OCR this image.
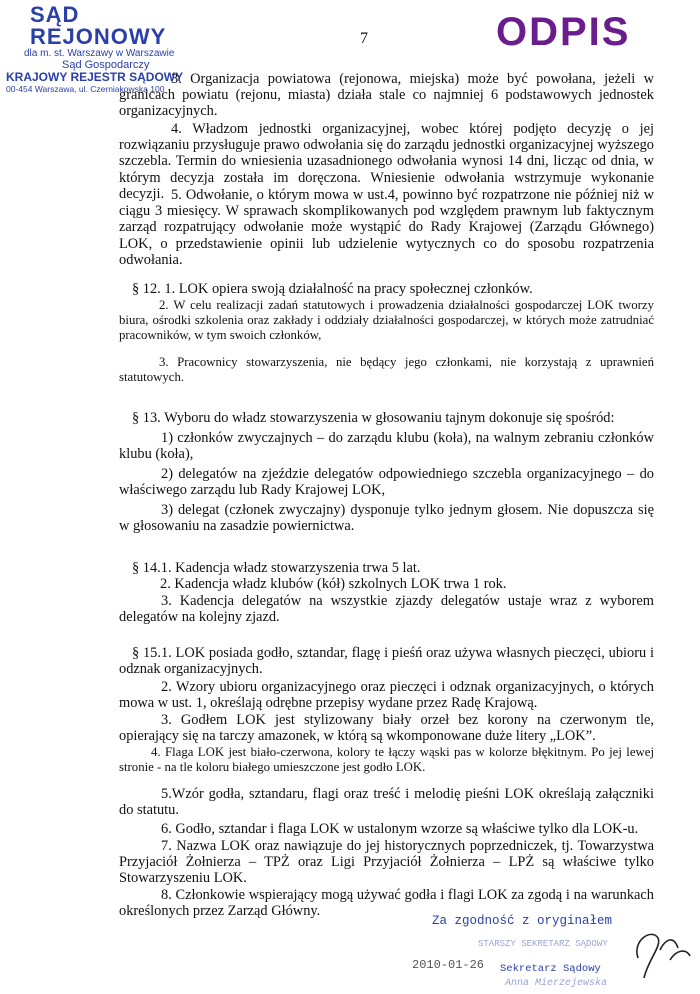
SĄD REJONOWY
dla m. st. Warszawy w Warszawie
Sąd Gospodarczy
KRAJOWY REJESTR SĄDOWY
00-454 Warszawa, ul. Czerniakowska 100
7	ODPIS
3. Organizacja powiatowa (rejonowa, miejska) może być powołana, jeżeli w granicach powiatu (rejonu, miasta) działa stale co najmniej 6 podstawowych jednostek organizacyjnych.
4. Władzom jednostki organizacyjnej, wobec której podjęto decyzję o jej rozwiązaniu przysługuje prawo odwołania się do zarządu jednostki organizacyjnej wyższego szczebla. Termin do wniesienia uzasadnionego odwołania wynosi 14 dni, licząc od dnia, w którym decyzja została im doręczona. Wniesienie odwołania wstrzymuje wykonanie decyzji. 5. Odwołanie, o którym mowa w ust.4, powinno być rozpatrzone nie później niż w ciągu 3 miesięcy. W sprawach skomplikowanych pod względem prawnym lub faktycznym zarząd rozpatrujący odwołanie może wystąpić do Rady Krajowej (Zarządu Głównego) LOK, o przedstawienie opinii lub udzielenie wytycznych co do sposobu rozpatrzenia odwołania.
§ 12. 1. LOK opiera swoją działalność na pracy społecznej członków.
2. W celu realizacji zadań statutowych i prowadzenia działalności gospodarczej LOK tworzy biura, ośrodki szkolenia oraz zakłady i oddziały działalności gospodarczej, w których może zatrudniać pracowników, w tym swoich członków,
3. Pracownicy stowarzyszenia, nie będący jego członkami, nie korzystają z uprawnień statutowych.
§ 13. Wyboru do władz stowarzyszenia w głosowaniu tajnym dokonuje się spośród:
1) członków zwyczajnych – do zarządu klubu (koła), na walnym zebraniu członków klubu (koła),
2) delegatów na zjeździe delegatów odpowiedniego szczebla organizacyjnego – do właściwego zarządu lub Rady Krajowej LOK,
3) delegat (członek zwyczajny) dysponuje tylko jednym głosem. Nie dopuszcza się w głosowaniu na zasadzie powiernictwa.
§ 14.1. Kadencja władz stowarzyszenia trwa 5 lat.
2. Kadencja władz klubów (kół) szkolnych LOK trwa 1 rok.
3. Kadencja delegatów na wszystkie zjazdy delegatów ustaje wraz z wyborem delegatów na kolejny zjazd.
§ 15.1. LOK posiada godło, sztandar, flagę i pieśń oraz używa własnych pieczęci, ubioru i odznak organizacyjnych.
2. Wzory ubioru organizacyjnego oraz pieczęci i odznak organizacyjnych, o których mowa w ust. 1, określają odrębne przepisy wydane przez Radę Krajową.
3. Godłem LOK jest stylizowany biały orzeł bez korony na czerwonym tle, opierający się na tarczy amazonek, w którą są wkomponowane duże litery „LOK”.
4. Flaga LOK jest biało-czerwona, kolory te łączy wąski pas w kolorze błękitnym. Po jej lewej stronie - na tle koloru białego umieszczone jest godło LOK.
5.Wzór godła, sztandaru, flagi oraz treść i melodię pieśni LOK określają załączniki do statutu.
6. Godło, sztandar i flaga LOK w ustalonym wzorze są właściwe tylko dla LOK-u.
7. Nazwa LOK oraz nawiązuje do jej historycznych poprzedniczek, tj. Towarzystwa Przyjaciół Żołnierza – TPŻ oraz Ligi Przyjaciół Żołnierza – LPŻ są właściwe tylko Stowarzyszeniu LOK.
8. Członkowie wspierający mogą używać godła i flagi LOK za zgodą i na warunkach określonych przez Zarząd Główny.
Za zgodność z oryginałem
STARSZY SEKRETARZ SĄDOWY
2010-01-26 Sekretarz Sądowy
Anna Mierzejewska
